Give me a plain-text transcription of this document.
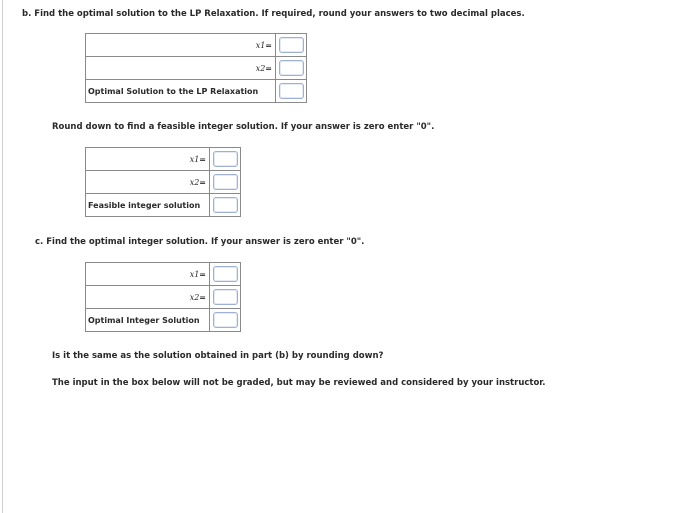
b. Find the optimal solution to the LP Relaxation. If required, round your answers to two decimal places.
x1=	

x2=	

Optimal Solution to the LP Relaxation	
Round down to find a feasible integer solution. If your answer is zero enter "0".
x1=	

x2=	

Feasible integer solution	
c. Find the optimal integer solution. If your answer is zero enter "0".
x1=	

x2=	

Optimal Integer Solution	
Is it the same as the solution obtained in part (b) by rounding down?
The input in the box below will not be graded, but may be reviewed and considered by your instructor.
